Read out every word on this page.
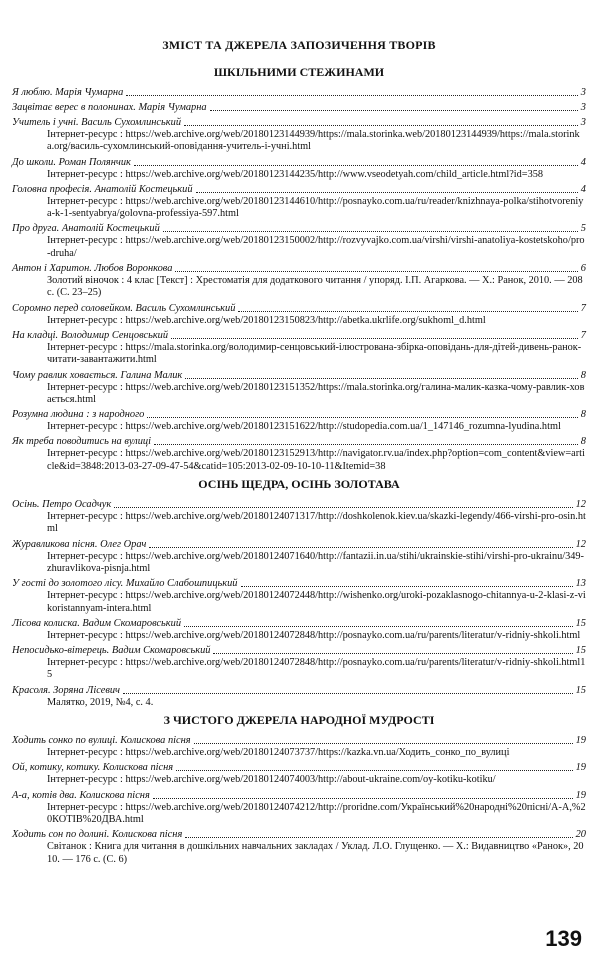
ЗМІСТ ТА ДЖЕРЕЛА ЗАПОЗИЧЕННЯ ТВОРІВ
ШКІЛЬНИМИ СТЕЖИНАМИ
Я люблю. Марія Чумарна	3
Зацвітає верес в полонинах. Марія Чумарна	3
Учитель і учні. Василь Сухомлинський	3
Інтернет-ресурс : https://web.archive.org/web/20180123144939/https://mala.storinka.web/20180123144939/https://mala.storinka.org/василь-сухомлинський-оповідання-учитель-і-учні.html
До школи. Роман Полянчик	4
Інтернет-ресурс : https://web.archive.org/web/20180123144235/http://www.vseodetyah.com/child_article.html?id=358
Головна професія. Анатолій Костецький	4
Інтернет-ресурс : https://web.archive.org/web/20180123144610/http://posnayko.com.ua/ru/reader/knizhnaya-polka/stihotvoreniya-k-1-sentyabrya/golovna-professiya-597.html
Про друга. Анатолій Костецький	5
Інтернет-ресурс : https://web.archive.org/web/20180123150002/http://rozvyvajko.com.ua/virshi/virshi-anatoliya-kostetskoho/pro-druha/
Антон і Харитон. Любов Воронкова	6
Золотий віночок : 4 клас [Текст] : Хрестоматія для додаткового читання / упоряд. І.П. Агаркова. — Х.: Ранок, 2010. — 208 с. (С. 23–25)
Соромно перед соловейком. Василь Сухомлинський	7
Інтернет-ресурс : https://web.archive.org/web/20180123150823/http://abetka.ukrlife.org/sukhoml_d.html
На кладці. Володимир Сенцовський	7
Інтернет-ресурс : https://mala.storinka.org/володимир-сенцовський-ілюстрована-збірка-оповідань-для-дітей-дивень-ранок-читати-завантажити.html
Чому равлик ховається. Галина Малик	8
Інтернет-ресурс : https://web.archive.org/web/20180123151352/https://mala.storinka.org/галина-малик-казка-чому-равлик-ховається.html
Розумна людина : з народного	8
Інтернет-ресурс : https://web.archive.org/web/20180123151622/http://studopedia.com.ua/1_147146_rozumna-lyudina.html
Як треба поводитись на вулиці	8
Інтернет-ресурс : https://web.archive.org/web/20180123152913/http://navigator.rv.ua/index.php?option=com_content&view=article&id=3848:2013-03-27-09-47-54&catid=105:2013-02-09-10-10-11&Itemid=38
ОСІНЬ ЩЕДРА, ОСІНЬ ЗОЛОТАВА
Осінь. Петро Осадчук	12
Інтернет-ресурс : https://web.archive.org/web/20180124071317/http://doshkolenok.kiev.ua/skazki-legendy/466-virshi-pro-osin.html
Журавликова пісня. Олег Орач	12
Інтернет-ресурс : https://web.archive.org/web/20180124071640/http://fantazii.in.ua/stihi/ukrainskie-stihi/virshi-pro-ukrainu/349-zhuravlikova-pisnja.html
У гості до золотого лісу. Михайло Слабошпицький	13
Інтернет-ресурс : https://web.archive.org/web/20180124072448/http://wishenko.org/uroki-pozaklasnogo-chitannya-u-2-klasi-z-vikoristannyam-intera.html
Лісова колиска. Вадим Скомаровський	15
Інтернет-ресурс : https://web.archive.org/web/20180124072848/http://posnayko.com.ua/ru/parents/literatur/v-ridniy-shkoli.html
Непосидько-вітерець. Вадим Скомаровський	15
Інтернет-ресурс : https://web.archive.org/web/20180124072848/http://posnayko.com.ua/ru/parents/literatur/v-ridniy-shkoli.html15
Красоля. Зоряна Лісевич	15
Малятко, 2019, №4, с. 4.
З ЧИСТОГО ДЖЕРЕЛА НАРОДНОЇ МУДРОСТІ
Ходить сонко по вулиці. Колискова пісня	19
Інтернет-ресурс : https://web.archive.org/web/20180124073737/https://kazka.vn.ua/Ходить_сонко_по_вулиці
Ой, котику, котику. Колискова пісня	19
Інтернет-ресурс : https://web.archive.org/web/20180124074003/http://about-ukraine.com/oy-kotiku-kotiku/
А-а, котів два. Колискова пісня	19
Інтернет-ресурс : https://web.archive.org/web/20180124074212/http://proridne.com/Український%20народні%20пісні/А-А,%20КОТІВ%20ДВА.html
Ходить сон по долині. Колискова пісня	20
Світанок : Книга для читання в дошкільних навчальних закладах / Уклад. Л.О. Глущенко. — Х.: Видавництво «Ранок», 2010. — 176 с. (С. 6)
139
